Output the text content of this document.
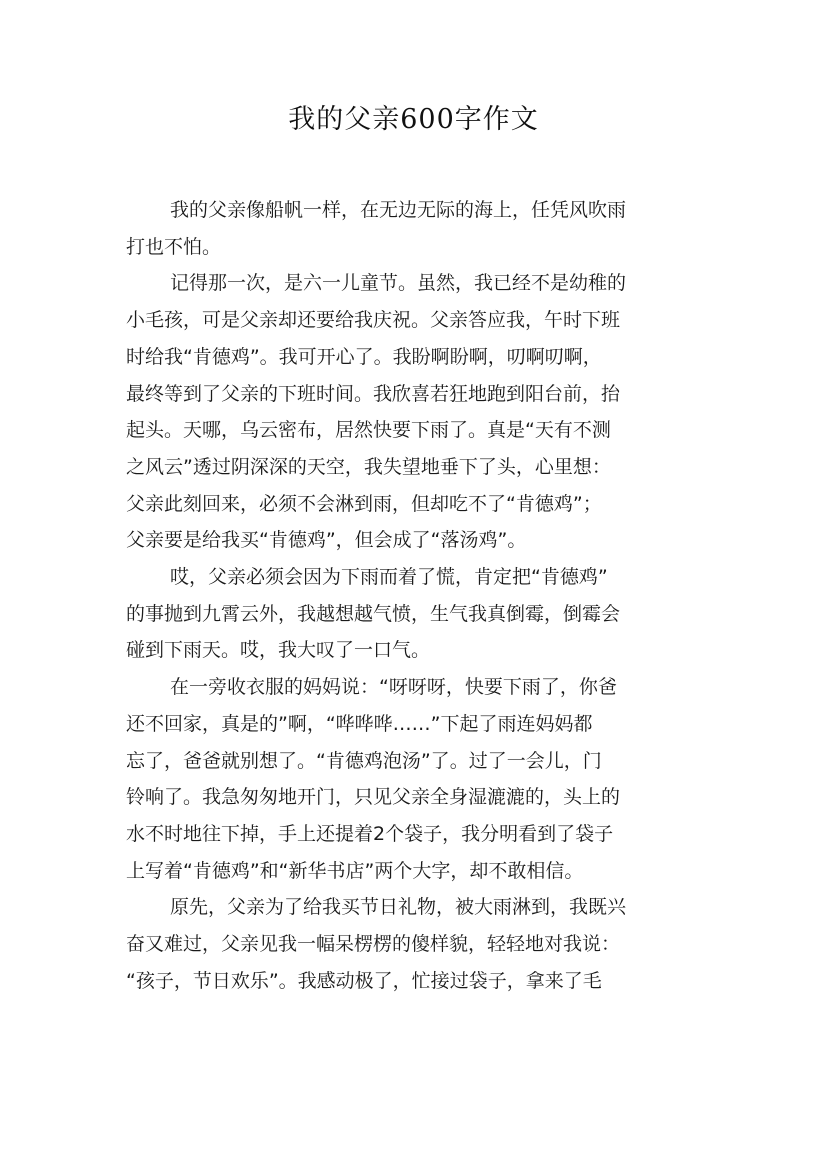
我的父亲600字作文
我的父亲像船帆一样，在无边无际的海上，任凭风吹雨
打也不怕。
记得那一次，是六一儿童节。虽然，我已经不是幼稚的
小毛孩，可是父亲却还要给我庆祝。父亲答应我，午时下班
时给我“肯德鸡”。我可开心了。我盼啊盼啊，叨啊叨啊，
最终等到了父亲的下班时间。我欣喜若狂地跑到阳台前，抬
起头。天哪，乌云密布，居然快要下雨了。真是“天有不测
之风云”透过阴深深的天空，我失望地垂下了头，心里想：
父亲此刻回来，必须不会淋到雨，但却吃不了“肯德鸡”；
父亲要是给我买“肯德鸡”，但会成了“落汤鸡”。
哎，父亲必须会因为下雨而着了慌，肯定把“肯德鸡”
的事抛到九霄云外，我越想越气愤，生气我真倒霉，倒霉会
碰到下雨天。哎，我大叹了一口气。
在一旁收衣服的妈妈说：“呀呀呀，快要下雨了，你爸
还不回家，真是的”啊，“哗哗哗……”下起了雨连妈妈都
忘了，爸爸就别想了。“肯德鸡泡汤”了。过了一会儿，门
铃响了。我急匆匆地开门，只见父亲全身湿漉漉的，头上的
水不时地往下掉，手上还提着2个袋子，我分明看到了袋子
上写着“肯德鸡”和“新华书店”两个大字，却不敢相信。
原先，父亲为了给我买节日礼物，被大雨淋到，我既兴
奋又难过，父亲见我一幅呆楞楞的傻样貌，轻轻地对我说：
“孩子，节日欢乐”。我感动极了，忙接过袋子，拿来了毛
